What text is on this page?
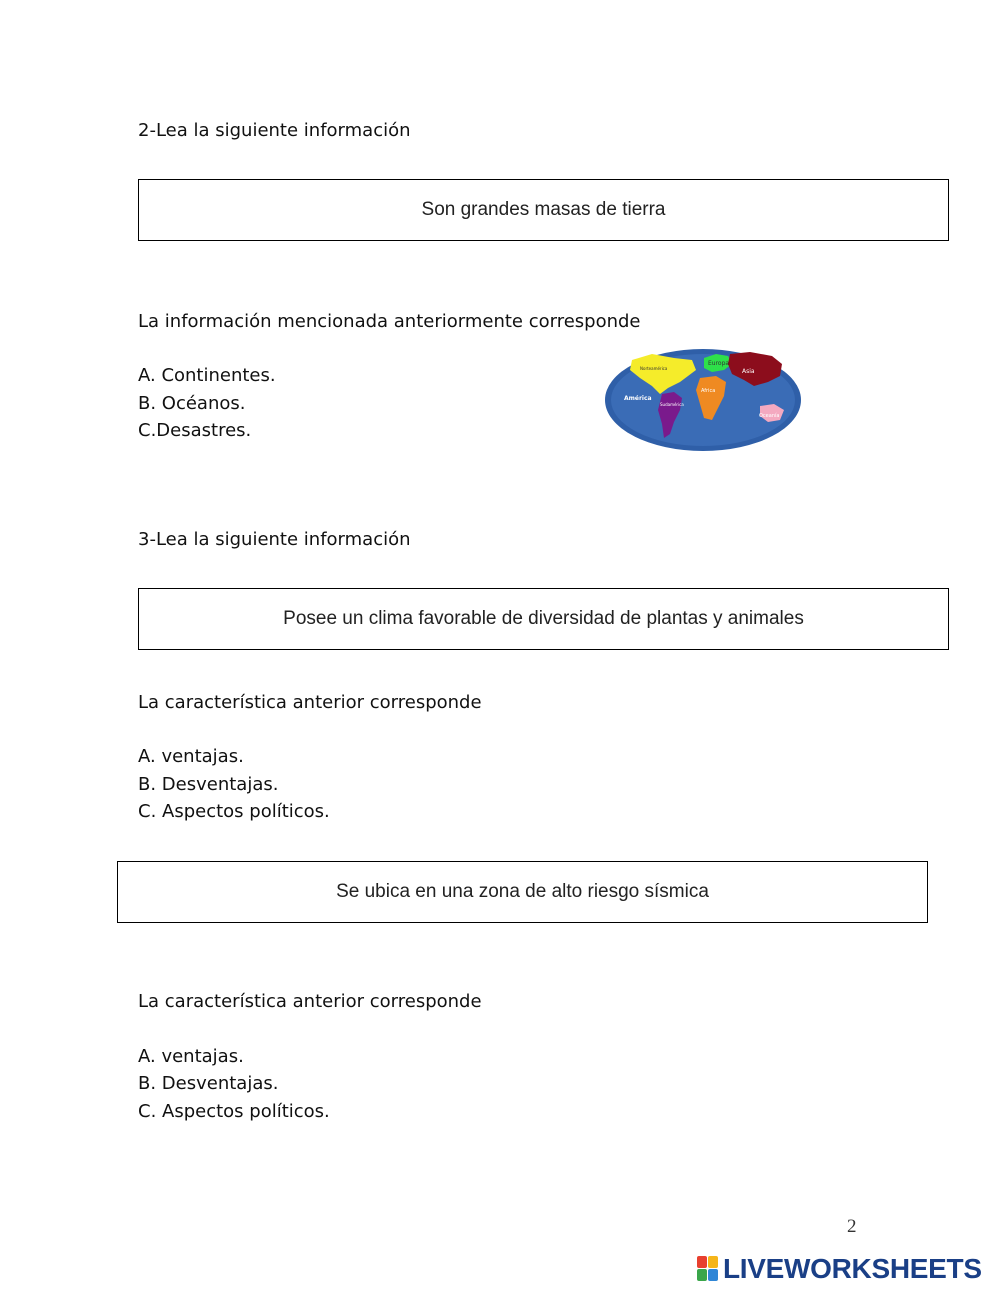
2-Lea la siguiente información
Son grandes masas de tierra
La información mencionada anteriormente corresponde
A. Continentes.
B. Océanos.
C.Desastres.
Norteamérica
Europa
Asia
América
Africa
Sudamérica
Oceanía
3-Lea la siguiente información
Posee un clima favorable de diversidad de plantas y animales
La característica anterior corresponde
A. ventajas.
B. Desventajas.
C. Aspectos políticos.
Se ubica en una zona de alto riesgo sísmica
La característica anterior corresponde
A. ventajas.
B. Desventajas.
C. Aspectos políticos.
2
LIVEWORKSHEETS
